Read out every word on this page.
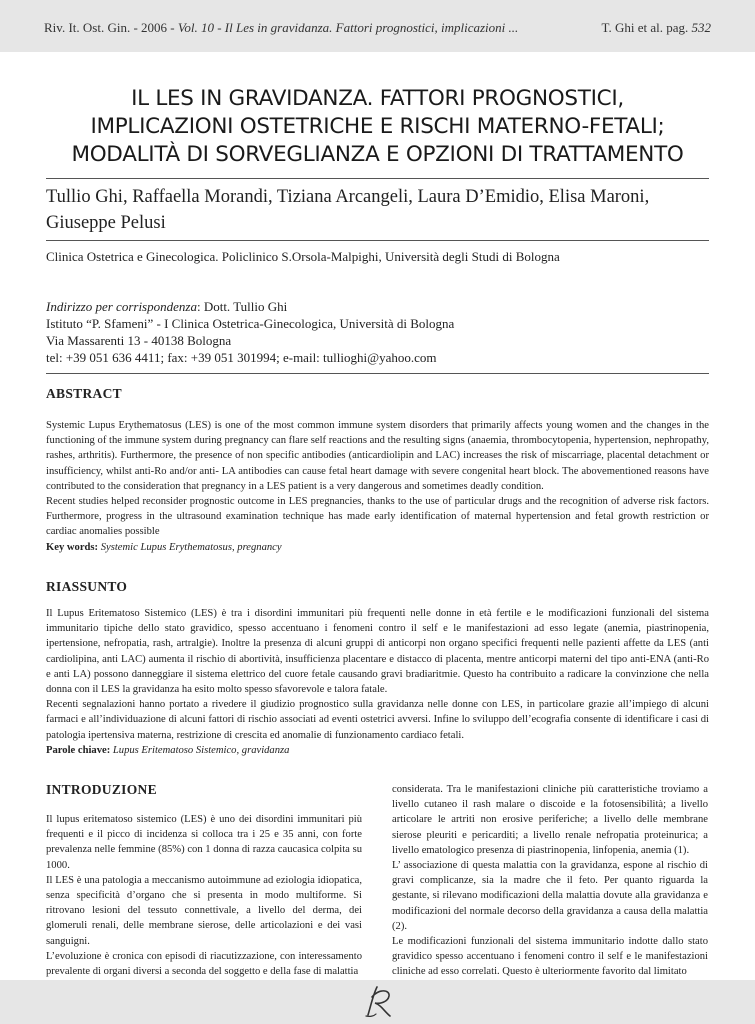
Riv. It. Ost. Gin. - 2006 - Vol. 10 - Il Les in gravidanza. Fattori prognostici, implicazioni ...	T. Ghi et al. pag. 532
IL LES IN GRAVIDANZA. FATTORI PROGNOSTICI,
IMPLICAZIONI OSTETRICHE E RISCHI MATERNO-FETALI;
MODALITÀ DI SORVEGLIANZA E OPZIONI DI TRATTAMENTO
Tullio Ghi, Raffaella Morandi, Tiziana Arcangeli, Laura D’Emidio, Elisa Maroni, Giuseppe Pelusi
Clinica Ostetrica e Ginecologica. Policlinico S.Orsola-Malpighi, Università degli Studi di Bologna
Indirizzo per corrispondenza: Dott. Tullio Ghi
Istituto “P. Sfameni” - I Clinica Ostetrica-Ginecologica, Università di Bologna
Via Massarenti 13 - 40138 Bologna
tel: +39 051 636 4411; fax: +39 051 301994; e-mail: tullioghi@yahoo.com
ABSTRACT

Systemic Lupus Erythematosus (LES) is one of the most common immune system disorders that primarily affects young women and the changes in the functioning of the immune system during pregnancy can flare self reactions and the resulting signs (anaemia, thrombocytopenia, hypertension, nephropathy, rashes, arthritis). Furthermore, the presence of non specific antibodies (anticardiolipin and LAC) increases the risk of miscarriage, placental detachment or insufficiency, whilst anti-Ro and/or anti- LA antibodies can cause fetal heart damage with severe congenital heart block. The abovementioned reasons have contributed to the consideration that pregnancy in a LES patient is a very dangerous and sometimes deadly condition.

Recent studies helped reconsider prognostic outcome in LES pregnancies, thanks to the use of particular drugs and the recognition of adverse risk factors. Furthermore, progress in the ultrasound examination technique has made early identification of maternal hypertension and fetal growth restriction or cardiac anomalies possible

Key words: Systemic Lupus Erythematosus, pregnancy

RIASSUNTO

Il Lupus Eritematoso Sistemico (LES) è tra i disordini immunitari più frequenti nelle donne in età fertile e le modificazioni funzionali del sistema immunitario tipiche dello stato gravidico, spesso accentuano i fenomeni contro il self e le manifestazioni ad esso legate (anemia, piastrinopenia, ipertensione, nefropatia, rash, artralgie). Inoltre la presenza di alcuni gruppi di anticorpi non organo specifici frequenti nelle pazienti affette da LES (anti cardiolipina, anti LAC) aumenta il rischio di abortività, insufficienza placentare e distacco di placenta, mentre anticorpi materni del tipo anti-ENA (anti-Ro e anti LA) possono danneggiare il sistema elettrico del cuore fetale causando gravi bradiaritmie. Questo ha contribuito a radicare la convinzione che nella donna con il LES la gravidanza ha esito molto spesso sfavorevole e talora fatale.

Recenti segnalazioni hanno portato a rivedere il giudizio prognostico sulla gravidanza nelle donne con LES, in particolare grazie all’impiego di alcuni farmaci e all’individuazione di alcuni fattori di rischio associati ad eventi ostetrici avversi. Infine lo sviluppo dell’ecografia consente di identificare i casi di patologia ipertensiva materna, restrizione di crescita ed anomalie di funzionamento cardiaco fetali.

Parole chiave: Lupus Eritematoso Sistemico, gravidanza

INTRODUZIONE

Il lupus eritematoso sistemico (LES) è uno dei disordini immunitari più frequenti e il picco di incidenza si colloca tra i 25 e 35 anni, con forte prevalenza nelle femmine (85%) con 1 donna di razza caucasica colpita su 1000.

Il LES è una patologia a meccanismo autoimmune ad eziologia idiopatica, senza specificità d’organo che si presenta in modo multiforme. Si ritrovano lesioni del tessuto connettivale, a livello del derma, dei glomeruli renali, delle membrane sierose, delle articolazioni e dei vasi sanguigni.

L’evoluzione è cronica con episodi di riacutizzazione, con interessamento prevalente di organi diversi a seconda del soggetto e della fase di malattia

considerata. Tra le manifestazioni cliniche più caratteristiche troviamo a livello cutaneo il rash malare o discoide e la fotosensibilità; a livello articolare le artriti non erosive periferiche; a livello delle membrane sierose pleuriti e pericarditi; a livello renale nefropatia proteinurica; a livello ematologico presenza di piastrinopenia, linfopenia, anemia (1).

L’ associazione di questa malattia con la gravidanza, espone al rischio di gravi complicanze, sia la madre che il feto. Per quanto riguarda la gestante, si rilevano modificazioni della malattia dovute alla gravidanza e modificazioni del normale decorso della gravidanza a causa della malattia (2).

Le modificazioni funzionali del sistema immunitario indotte dallo stato gravidico spesso accentuano i fenomeni contro il self e le manifestazioni cliniche ad esso correlati. Questo è ulteriormente favorito dal limitato
